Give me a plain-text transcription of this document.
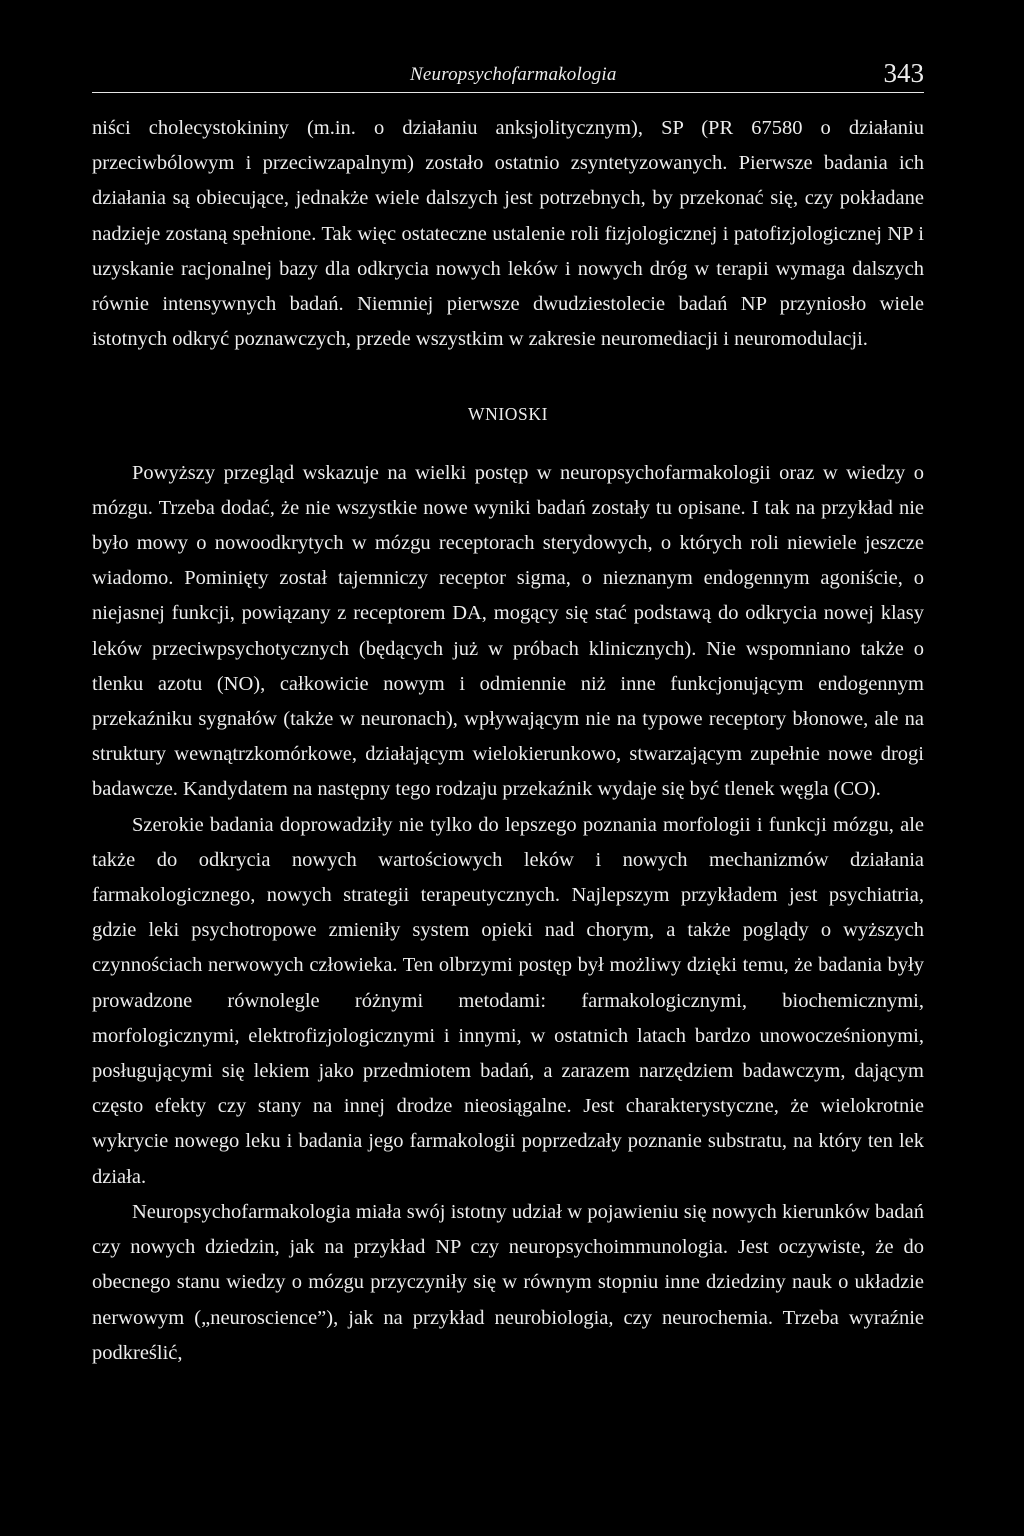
Neuropsychofarmakologia	343

niści cholecystokininy (m.in. o działaniu anksjolitycznym), SP (PR 67580 o działaniu przeciwbólowym i przeciwzapalnym) zostało ostatnio zsyntetyzowanych. Pierwsze badania ich działania są obiecujące, jednakże wiele dalszych jest potrzebnych, by przekonać się, czy pokładane nadzieje zostaną spełnione. Tak więc ostateczne ustalenie roli fizjologicznej i patofizjologicznej NP i uzyskanie racjonalnej bazy dla odkrycia nowych leków i nowych dróg w terapii wymaga dalszych równie intensywnych badań. Niemniej pierwsze dwudziestolecie badań NP przyniosło wiele istotnych odkryć poznawczych, przede wszystkim w zakresie neuromediacji i neuromodulacji.

WNIOSKI

Powyższy przegląd wskazuje na wielki postęp w neuropsychofarmakologii oraz w wiedzy o mózgu. Trzeba dodać, że nie wszystkie nowe wyniki badań zostały tu opisane. I tak na przykład nie było mowy o nowoodkrytych w mózgu receptorach sterydowych, o których roli niewiele jeszcze wiadomo. Pominięty został tajemniczy receptor sigma, o nieznanym endogennym agoniście, o niejasnej funkcji, powiązany z receptorem DA, mogący się stać podstawą do odkrycia nowej klasy leków przeciwpsychotycznych (będących już w próbach klinicznych). Nie wspomniano także o tlenku azotu (NO), całkowicie nowym i odmiennie niż inne funkcjonującym endogennym przekaźniku sygnałów (także w neuronach), wpływającym nie na typowe receptory błonowe, ale na struktury wewnątrzkomórkowe, działającym wielokierunkowo, stwarzającym zupełnie nowe drogi badawcze. Kandydatem na następny tego rodzaju przekaźnik wydaje się być tlenek węgla (CO).

Szerokie badania doprowadziły nie tylko do lepszego poznania morfologii i funkcji mózgu, ale także do odkrycia nowych wartościowych leków i nowych mechanizmów działania farmakologicznego, nowych strategii terapeutycznych. Najlepszym przykładem jest psychiatria, gdzie leki psychotropowe zmieniły system opieki nad chorym, a także poglądy o wyższych czynnościach nerwowych człowieka. Ten olbrzymi postęp był możliwy dzięki temu, że badania były prowadzone równolegle różnymi metodami: farmakologicznymi, biochemicznymi, morfologicznymi, elektrofizjologicznymi i innymi, w ostatnich latach bardzo unowocześnionymi, posługującymi się lekiem jako przedmiotem badań, a zarazem narzędziem badawczym, dającym często efekty czy stany na innej drodze nieosiągalne. Jest charakterystyczne, że wielokrotnie wykrycie nowego leku i badania jego farmakologii poprzedzały poznanie substratu, na który ten lek działa.

Neuropsychofarmakologia miała swój istotny udział w pojawieniu się nowych kierunków badań czy nowych dziedzin, jak na przykład NP czy neuropsychoimmunologia. Jest oczywiste, że do obecnego stanu wiedzy o mózgu przyczyniły się w równym stopniu inne dziedziny nauk o układzie nerwowym („neuroscience”), jak na przykład neurobiologia, czy neurochemia. Trzeba wyraźnie podkreślić,
